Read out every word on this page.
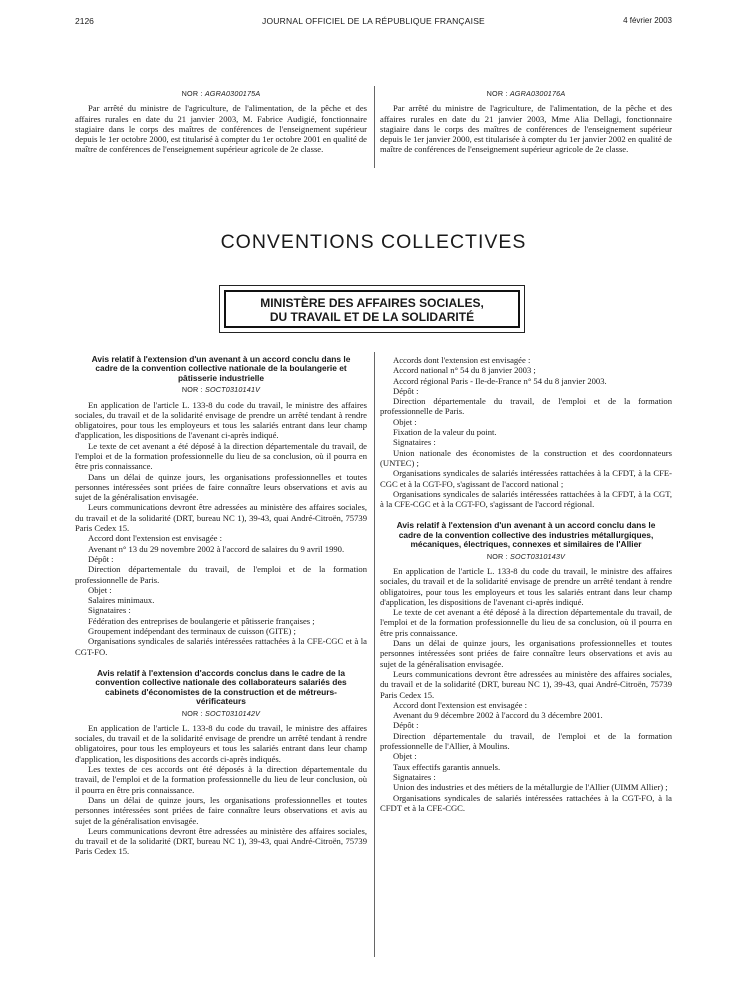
2126	JOURNAL OFFICIEL DE LA RÉPUBLIQUE FRANÇAISE	4 février 2003
NOR : AGRA0300175A

Par arrêté du ministre de l'agriculture, de l'alimentation, de la pêche et des affaires rurales en date du 21 janvier 2003, M. Fabrice Audigié, fonctionnaire stagiaire dans le corps des maîtres de conférences de l'enseignement supérieur depuis le 1er octobre 2000, est titularisé à compter du 1er octobre 2001 en qualité de maître de conférences de l'enseignement supérieur agricole de 2e classe.

NOR : AGRA0300176A

Par arrêté du ministre de l'agriculture, de l'alimentation, de la pêche et des affaires rurales en date du 21 janvier 2003, Mme Alia Dellagi, fonctionnaire stagiaire dans le corps des maîtres de conférences de l'enseignement supérieur depuis le 1er janvier 2000, est titularisée à compter du 1er janvier 2002 en qualité de maître de conférences de l'enseignement supérieur agricole de 2e classe.

CONVENTIONS COLLECTIVES
MINISTÈRE DES AFFAIRES SOCIALES,
DU TRAVAIL ET DE LA SOLIDARITÉ
Avis relatif à l'extension d'un avenant à un accord conclu dans le cadre de la convention collective nationale de la boulangerie et pâtisserie industrielle
NOR : SOCT0310141V

En application de l'article L. 133-8 du code du travail, le ministre des affaires sociales, du travail et de la solidarité envisage de prendre un arrêté tendant à rendre obligatoires, pour tous les employeurs et tous les salariés entrant dans leur champ d'application, les dispositions de l'avenant ci-après indiqué.

Le texte de cet avenant a été déposé à la direction départementale du travail, de l'emploi et de la formation professionnelle du lieu de sa conclusion, où il pourra en être pris connaissance.

Dans un délai de quinze jours, les organisations professionnelles et toutes personnes intéressées sont priées de faire connaître leurs observations et avis au sujet de la généralisation envisagée.

Leurs communications devront être adressées au ministère des affaires sociales, du travail et de la solidarité (DRT, bureau NC 1), 39-43, quai André-Citroën, 75739 Paris Cedex 15.

Accord dont l'extension est envisagée :

Avenant n° 13 du 29 novembre 2002 à l'accord de salaires du 9 avril 1990.

Dépôt :

Direction départementale du travail, de l'emploi et de la formation professionnelle de Paris.

Objet :

Salaires minimaux.

Signataires :

Fédération des entreprises de boulangerie et pâtisserie françaises ;

Groupement indépendant des terminaux de cuisson (GITE) ;

Organisations syndicales de salariés intéressées rattachées à la CFE-CGC et à la CGT-FO.

Avis relatif à l'extension d'accords conclus dans le cadre de la convention collective nationale des collaborateurs salariés des cabinets d'économistes de la construction et de métreurs-vérificateurs
NOR : SOCT0310142V

En application de l'article L. 133-8 du code du travail, le ministre des affaires sociales, du travail et de la solidarité envisage de prendre un arrêté tendant à rendre obligatoires, pour tous les employeurs et tous les salariés entrant dans leur champ d'application, les dispositions des accords ci-après indiqués.

Les textes de ces accords ont été déposés à la direction départementale du travail, de l'emploi et de la formation professionnelle du lieu de leur conclusion, où il pourra en être pris connaissance.

Dans un délai de quinze jours, les organisations professionnelles et toutes personnes intéressées sont priées de faire connaître leurs observations et avis au sujet de la généralisation envisagée.

Leurs communications devront être adressées au ministère des affaires sociales, du travail et de la solidarité (DRT, bureau NC 1), 39-43, quai André-Citroën, 75739 Paris Cedex 15.

Accords dont l'extension est envisagée :

Accord national n° 54 du 8 janvier 2003 ;

Accord régional Paris - Ile-de-France n° 54 du 8 janvier 2003.

Dépôt :

Direction départementale du travail, de l'emploi et de la formation professionnelle de Paris.

Objet :

Fixation de la valeur du point.

Signataires :

Union nationale des économistes de la construction et des coordonnateurs (UNTEC) ;

Organisations syndicales de salariés intéressées rattachées à la CFDT, à la CFE-CGC et à la CGT-FO, s'agissant de l'accord national ;

Organisations syndicales de salariés intéressées rattachées à la CFDT, à la CGT, à la CFE-CGC et à la CGT-FO, s'agissant de l'accord régional.

Avis relatif à l'extension d'un avenant à un accord conclu dans le cadre de la convention collective des industries métallurgiques, mécaniques, électriques, connexes et similaires de l'Allier
NOR : SOCT0310143V

En application de l'article L. 133-8 du code du travail, le ministre des affaires sociales, du travail et de la solidarité envisage de prendre un arrêté tendant à rendre obligatoires, pour tous les employeurs et tous les salariés entrant dans leur champ d'application, les dispositions de l'avenant ci-après indiqué.

Le texte de cet avenant a été déposé à la direction départementale du travail, de l'emploi et de la formation professionnelle du lieu de sa conclusion, où il pourra en être pris connaissance.

Dans un délai de quinze jours, les organisations professionnelles et toutes personnes intéressées sont priées de faire connaître leurs observations et avis au sujet de la généralisation envisagée.

Leurs communications devront être adressées au ministère des affaires sociales, du travail et de la solidarité (DRT, bureau NC 1), 39-43, quai André-Citroën, 75739 Paris Cedex 15.

Accord dont l'extension est envisagée :

Avenant du 9 décembre 2002 à l'accord du 3 décembre 2001.

Dépôt :

Direction départementale du travail, de l'emploi et de la formation professionnelle de l'Allier, à Moulins.

Objet :

Taux effectifs garantis annuels.

Signataires :

Union des industries et des métiers de la métallurgie de l'Allier (UIMM Allier) ;

Organisations syndicales de salariés intéressées rattachées à la CGT-FO, à la CFDT et à la CFE-CGC.
